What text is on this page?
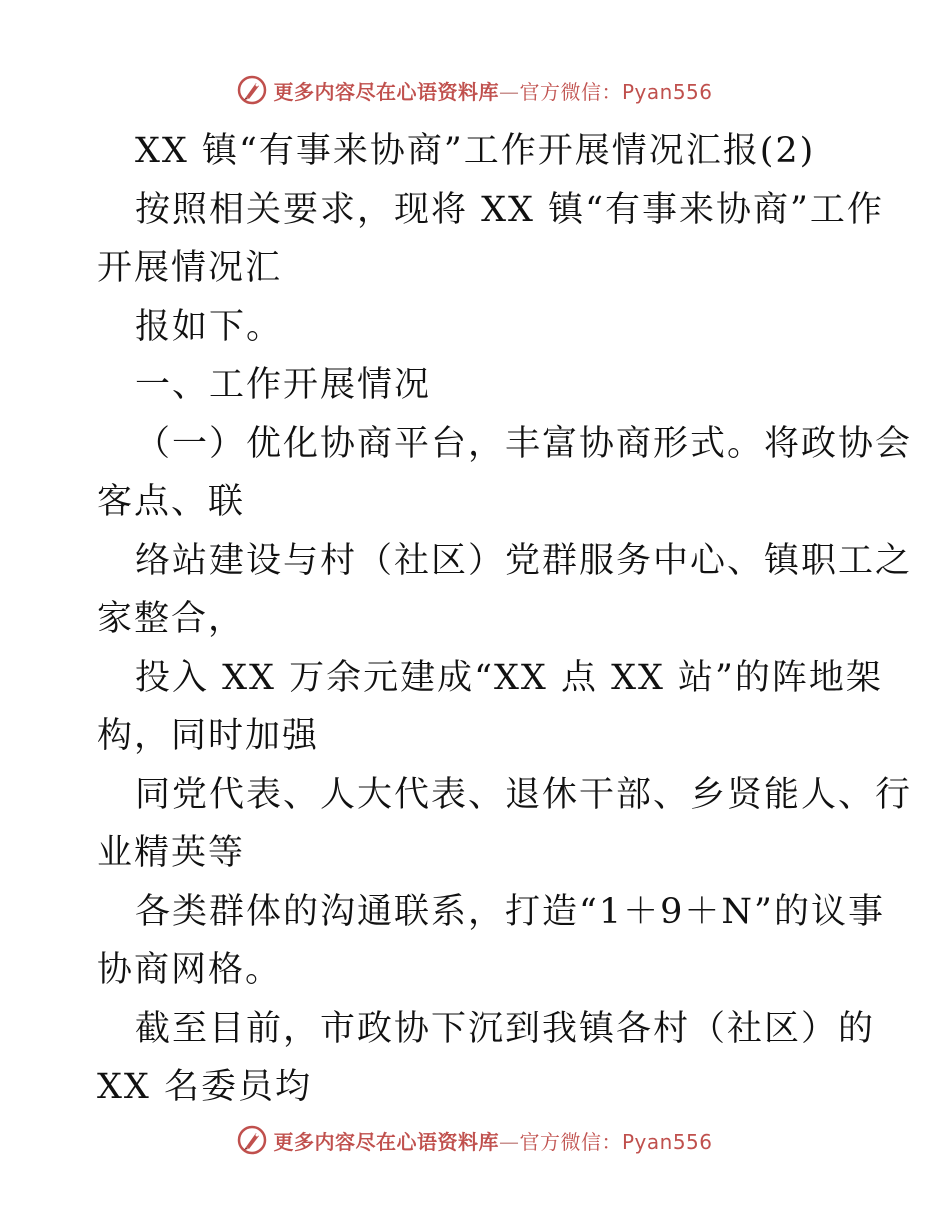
更多内容尽在心语资料库—官方微信：Pyan556
XX 镇“有事来协商”工作开展情况汇报(2)
按照相关要求，现将 XX 镇“有事来协商”工作
开展情况汇
报如下。
一、工作开展情况
（一）优化协商平台，丰富协商形式。将政协会
客点、联
络站建设与村（社区）党群服务中心、镇职工之
家整合，
投入 XX 万余元建成“XX 点 XX 站”的阵地架
构，同时加强
同党代表、人大代表、退休干部、乡贤能人、行
业精英等
各类群体的沟通联系，打造“1＋9＋N”的议事
协商网格。
截至目前，市政协下沉到我镇各村（社区）的
XX 名委员均
更多内容尽在心语资料库—官方微信：Pyan556
